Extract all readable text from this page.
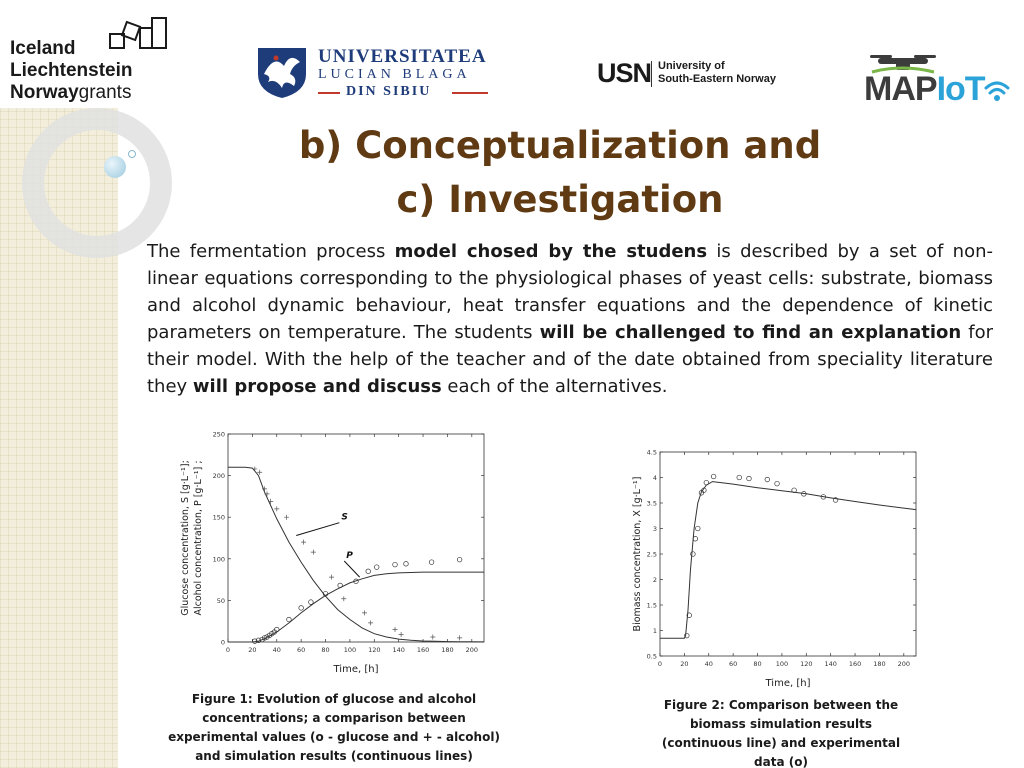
Iceland
Liechtenstein
Norwaygrants
UNIVERSITATEA
LUCIAN BLAGA
DIN SIBIU
USN University of
South-Eastern Norway	MAPIoT
b) Conceptualization and
c) Investigation
The fermentation process model chosed by the studens is described by a set of non-linear equations corresponding to the physiological phases of yeast cells: substrate, biomass and alcohol dynamic behaviour, heat transfer equations and the dependence of kinetic parameters on temperature. The students will be challenged to find an explanation for their model. With the help of the teacher and of the date obtained from speciality literature they will propose and discuss each of the alternatives.
0	20 40 60 80 100 120 140 160 180 200
0
50
100
150
200
250
S
P
Time, [h]
Glucose concentration, S [g·L⁻¹]; Alcohol concentration, P [g·L⁻¹] ;
Figure 1: Evolution of glucose and alcohol concentrations; a comparison between experimental values (o - glucose and + - alcohol) and simulation results (continuous lines)
0	20 40 60 80 100 120 140 160 180 200
0.5
1
1.5
2
2.5
3
3.5
4
4.5
Time, [h]
Biomass concentration, X [g·L⁻¹]
Figure 2: Comparison between the biomass simulation results (continuous line) and experimental data (o)
